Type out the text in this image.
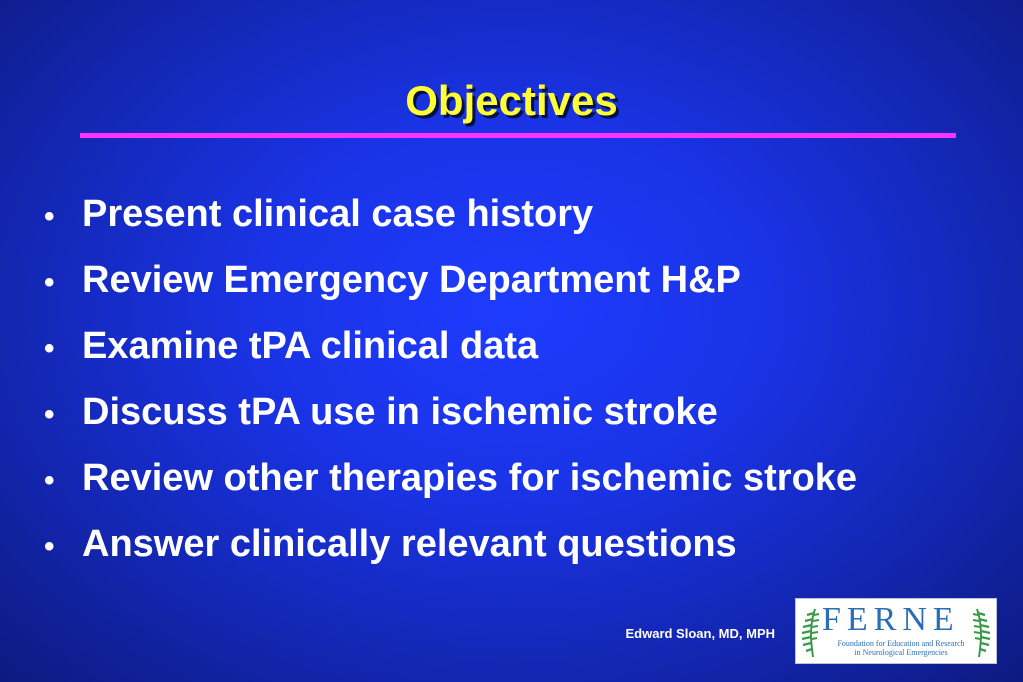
Objectives
• Present clinical case history
• Review Emergency Department H&P
• Examine tPA clinical data
• Discuss tPA use in ischemic stroke
• Review other therapies for ischemic stroke
• Answer clinically relevant questions
Edward Sloan, MD, MPH FERNE
Foundation for Education and Research
in Neurological Emergencies
